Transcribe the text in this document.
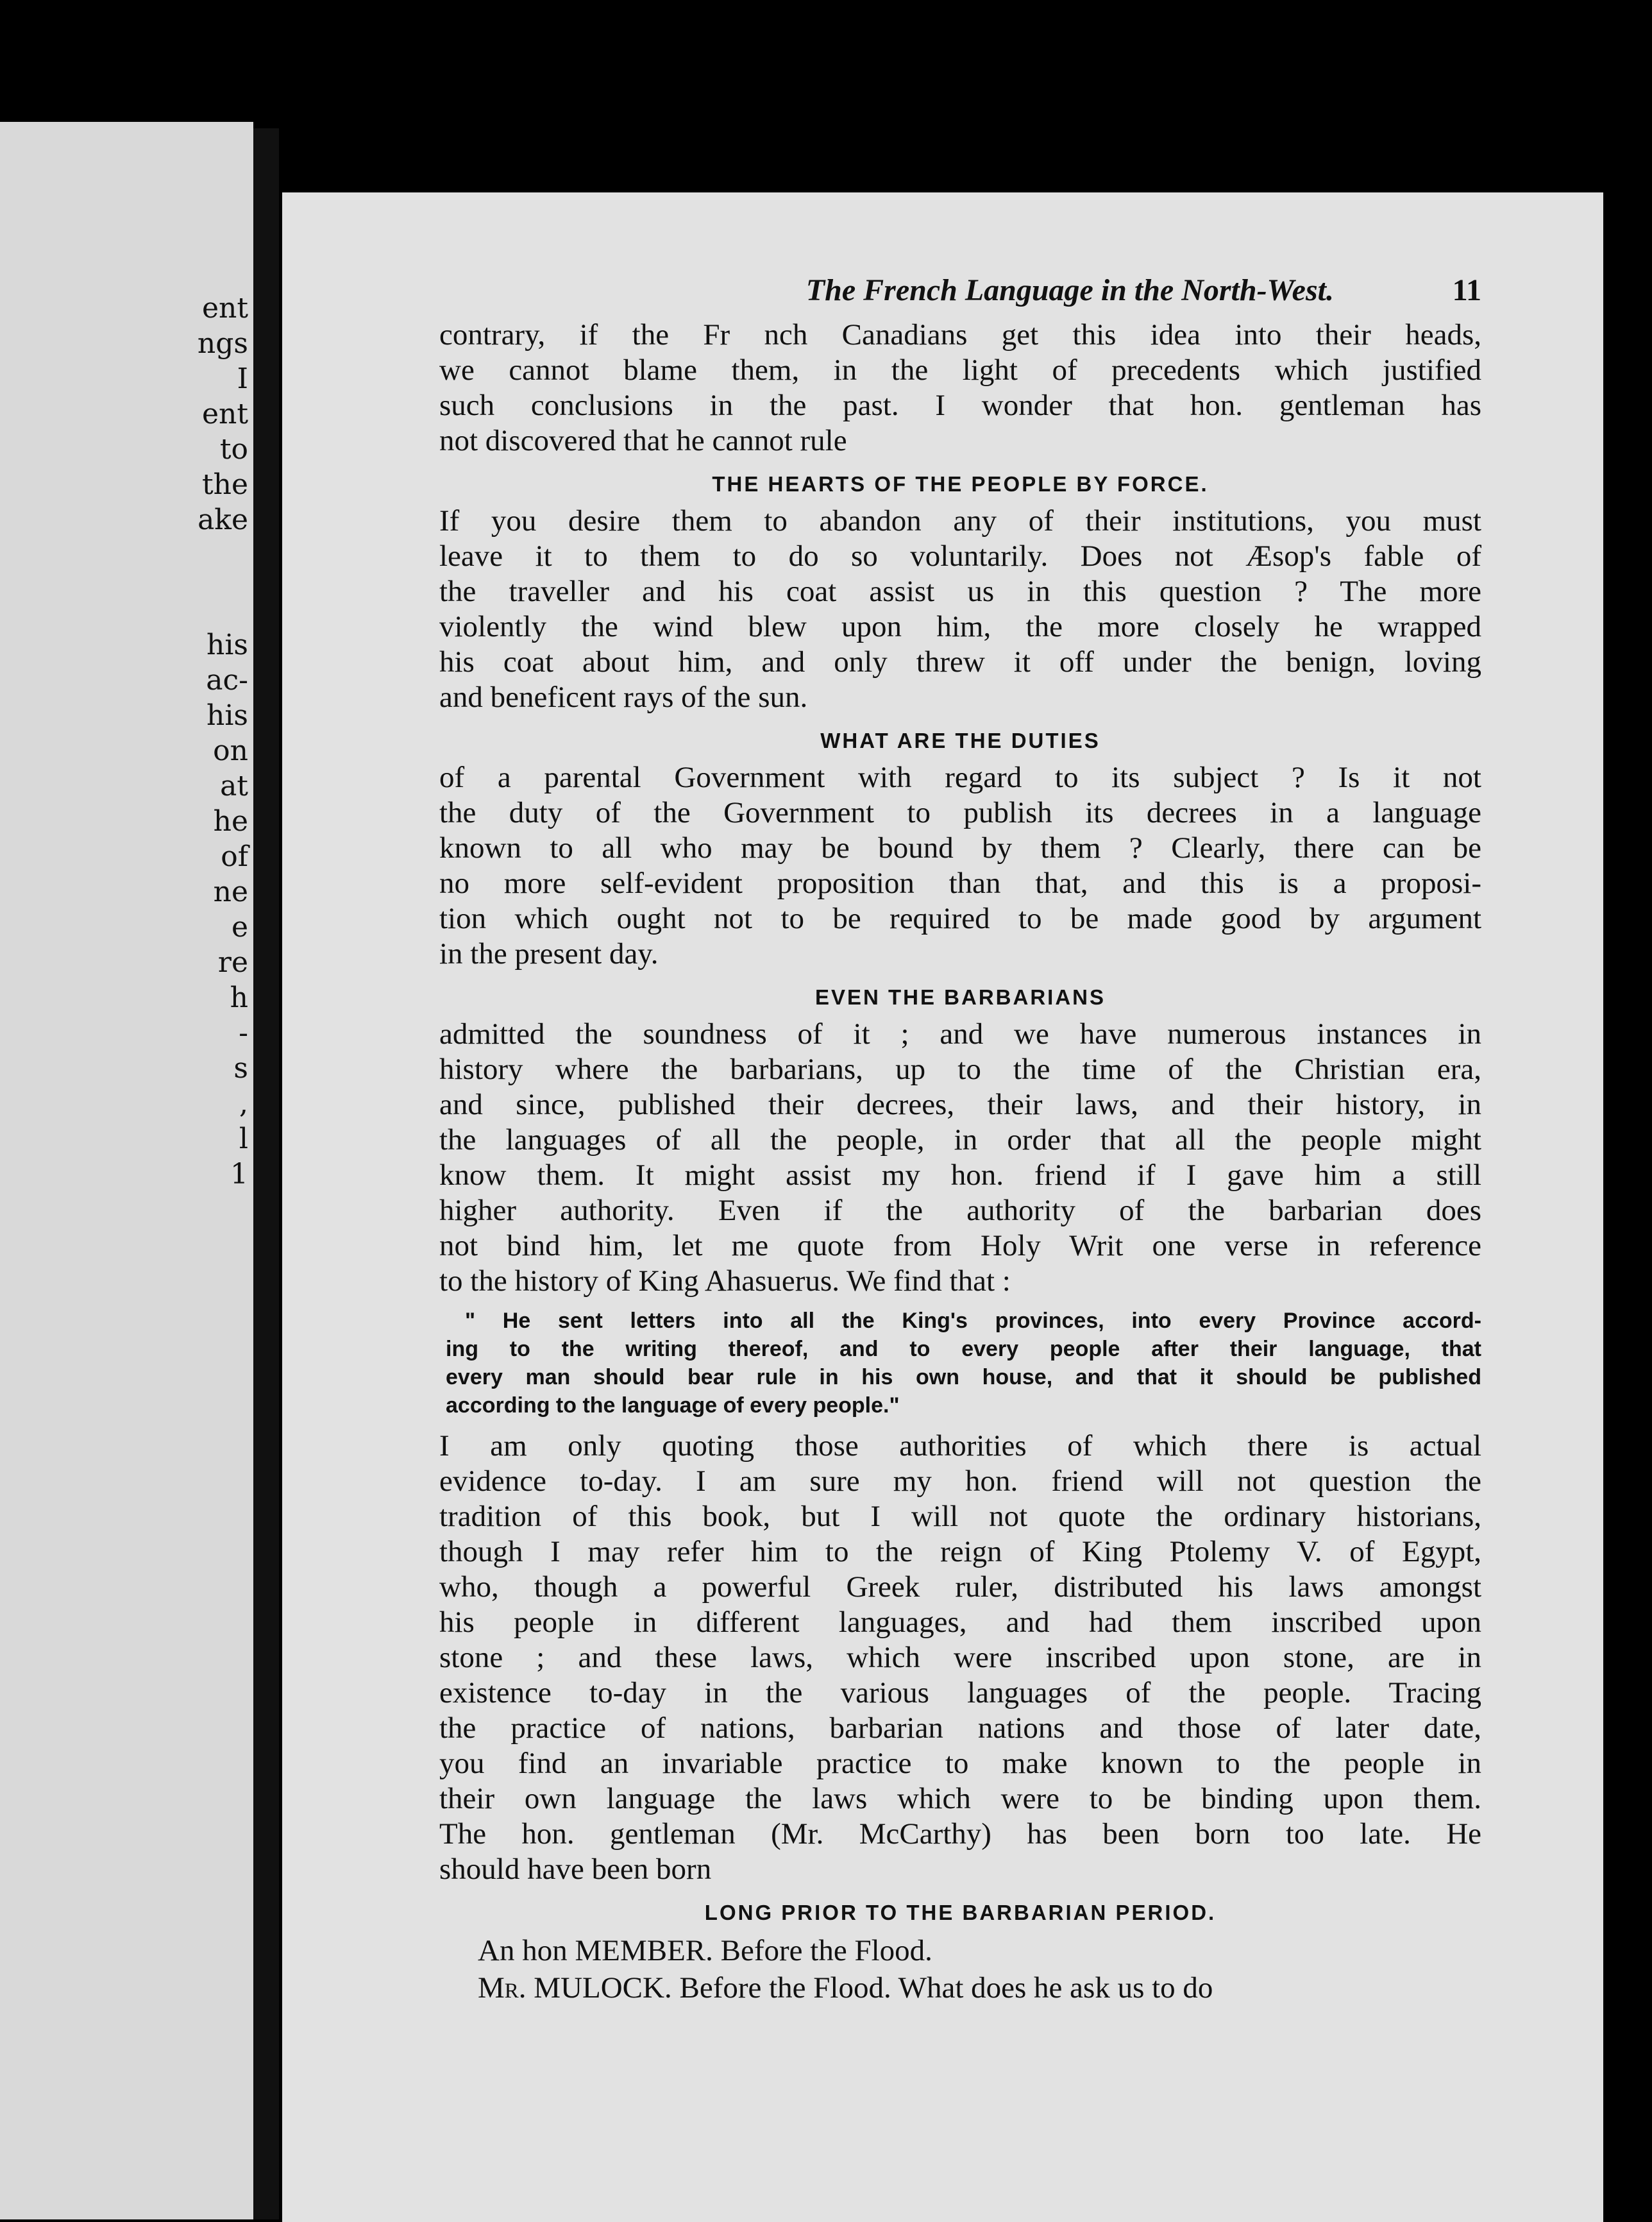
ent
ngs
I
ent
to
the
ake
his
ac-
his
on
at
he
of
ne
e
re
h
-
s
,
l
1
The French Language in the North-West.	11
contrary, if the Fr nch Canadians get this idea into their heads,
we cannot blame them, in the light of precedents which justified
such conclusions in the past. I wonder that hon. gentleman has
not discovered that he cannot rule
THE HEARTS OF THE PEOPLE BY FORCE.
If you desire them to abandon any of their institutions, you must
leave it to them to do so voluntarily. Does not Æsop's fable of
the traveller and his coat assist us in this question ? The more
violently the wind blew upon him, the more closely he wrapped
his coat about him, and only threw it off under the benign, loving
and beneficent rays of the sun.
WHAT ARE THE DUTIES
of a parental Government with regard to its subject ? Is it not
the duty of the Government to publish its decrees in a language
known to all who may be bound by them ? Clearly, there can be
no more self-evident proposition than that, and this is a proposi-
tion which ought not to be required to be made good by argument
in the present day.
EVEN THE BARBARIANS
admitted the soundness of it ; and we have numerous instances in
history where the barbarians, up to the time of the Christian era,
and since, published their decrees, their laws, and their history, in
the languages of all the people, in order that all the people might
know them. It might assist my hon. friend if I gave him a still
higher authority. Even if the authority of the barbarian does
not bind him, let me quote from Holy Writ one verse in reference
to the history of King Ahasuerus. We find that :
" He sent letters into all the King's provinces, into every Province accord-
ing to the writing thereof, and to every people after their language, that
every man should bear rule in his own house, and that it should be published
according to the language of every people."
I am only quoting those authorities of which there is actual
evidence to-day. I am sure my hon. friend will not question the
tradition of this book, but I will not quote the ordinary historians,
though I may refer him to the reign of King Ptolemy V. of Egypt,
who, though a powerful Greek ruler, distributed his laws amongst
his people in different languages, and had them inscribed upon
stone ; and these laws, which were inscribed upon stone, are in
existence to-day in the various languages of the people. Tracing
the practice of nations, barbarian nations and those of later date,
you find an invariable practice to make known to the people in
their own language the laws which were to be binding upon them.
The hon. gentleman (Mr. McCarthy) has been born too late. He
should have been born
LONG PRIOR TO THE BARBARIAN PERIOD.
An hon MEMBER. Before the Flood.
Mr. MULOCK. Before the Flood. What does he ask us to do
